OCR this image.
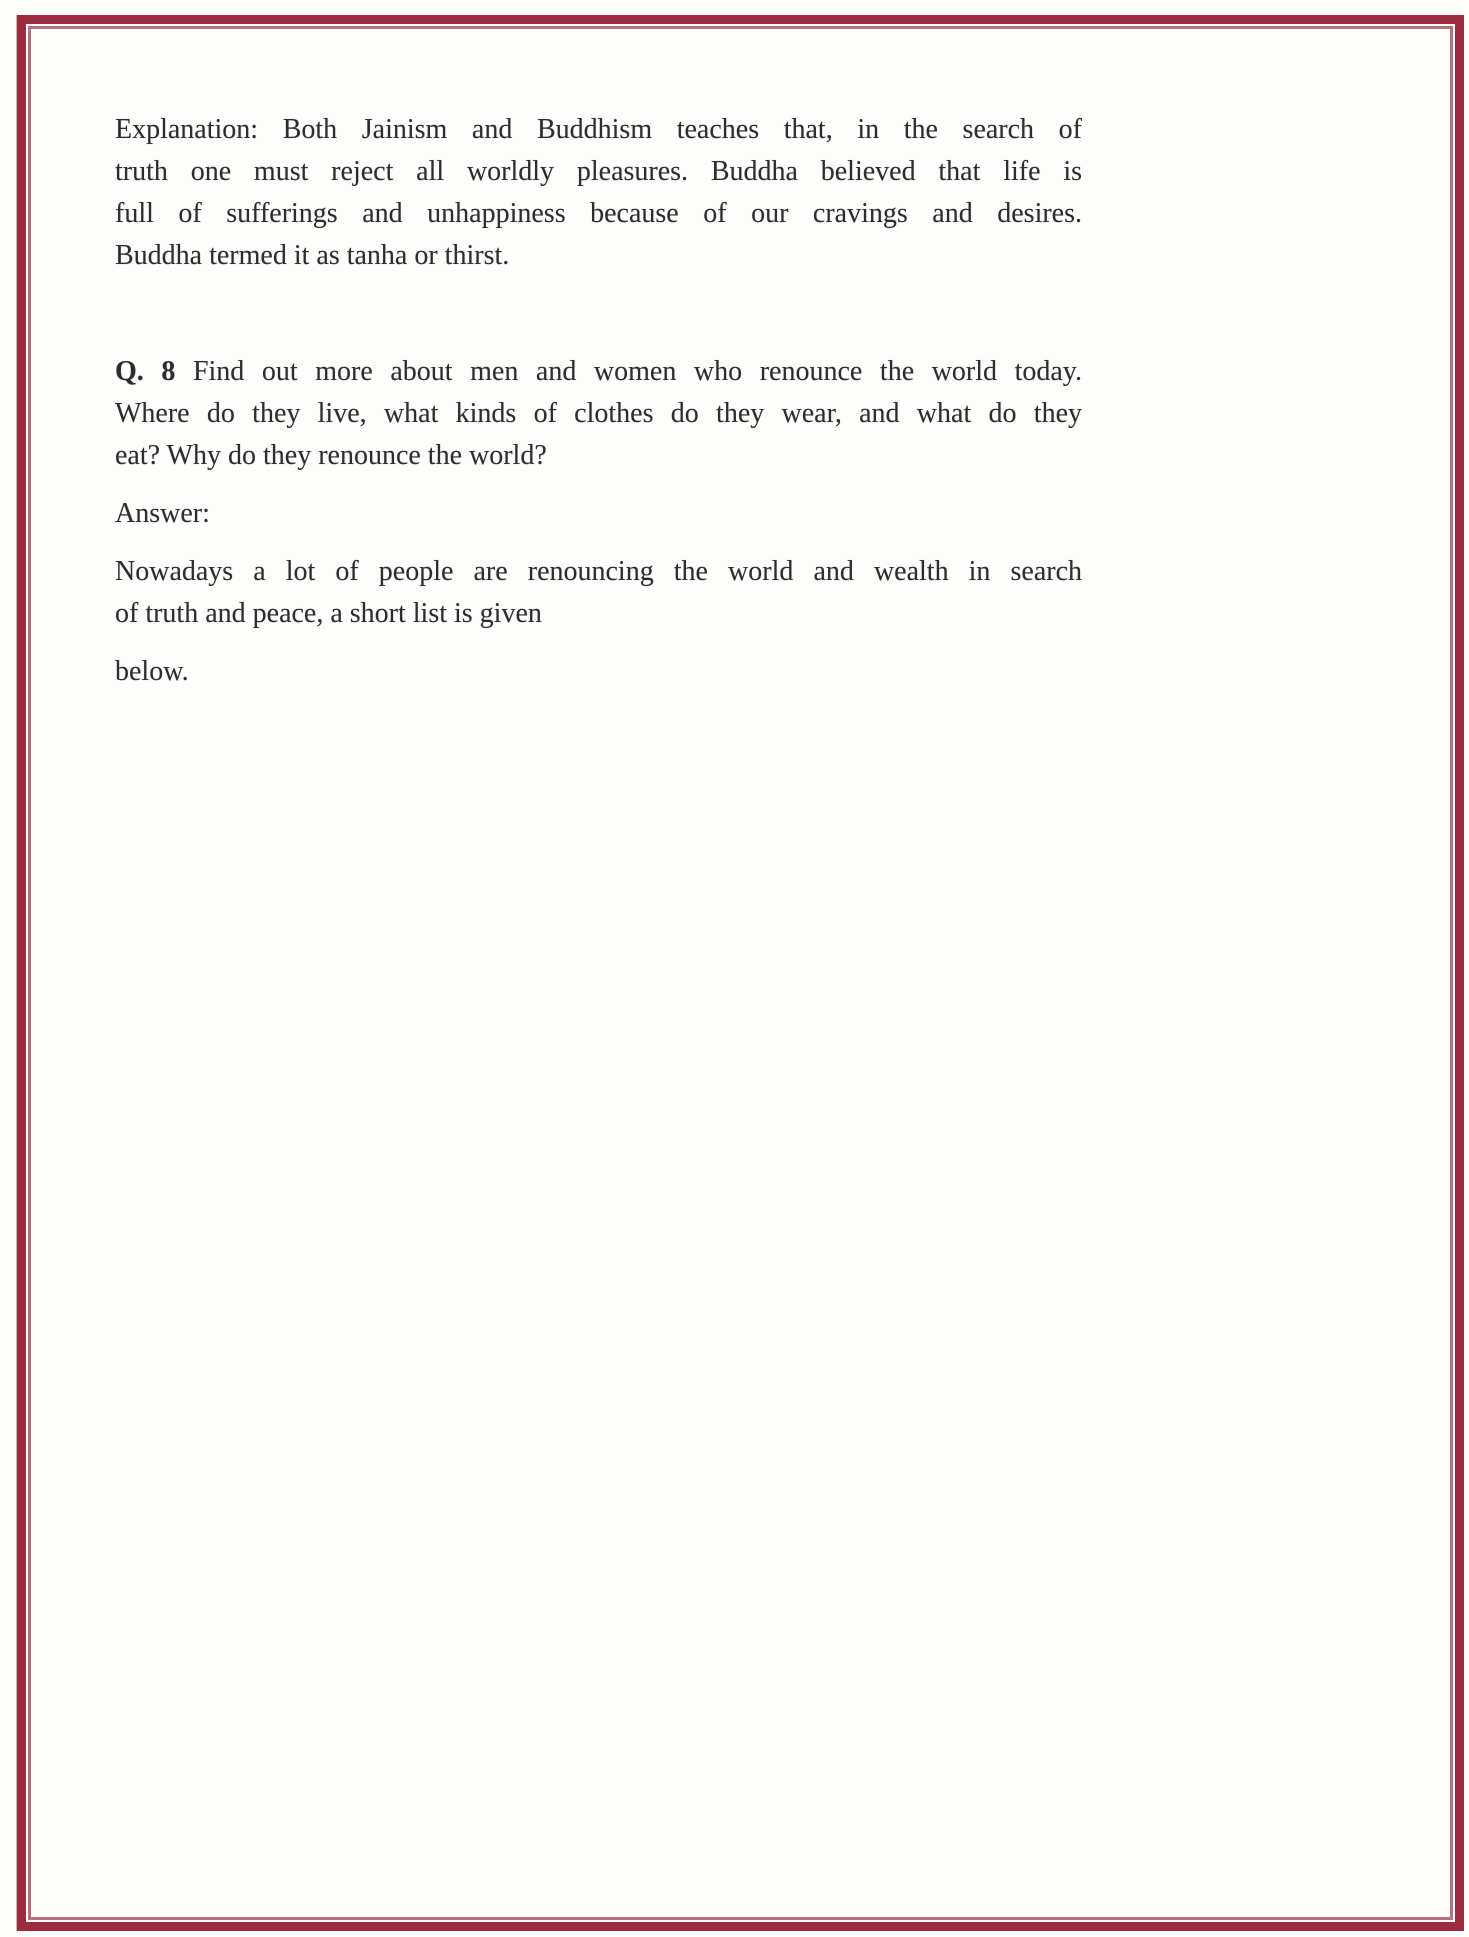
Explanation: Both Jainism and Buddhism teaches that, in the search of
truth one must reject all worldly pleasures. Buddha believed that life is
full of sufferings and unhappiness because of our cravings and desires.
Buddha termed it as tanha or thirst.
Q. 8 Find out more about men and women who renounce the world today.
Where do they live, what kinds of clothes do they wear, and what do they
eat? Why do they renounce the world?
Answer:
Nowadays a lot of people are renouncing the world and wealth in search
of truth and peace, a short list is given
below.
